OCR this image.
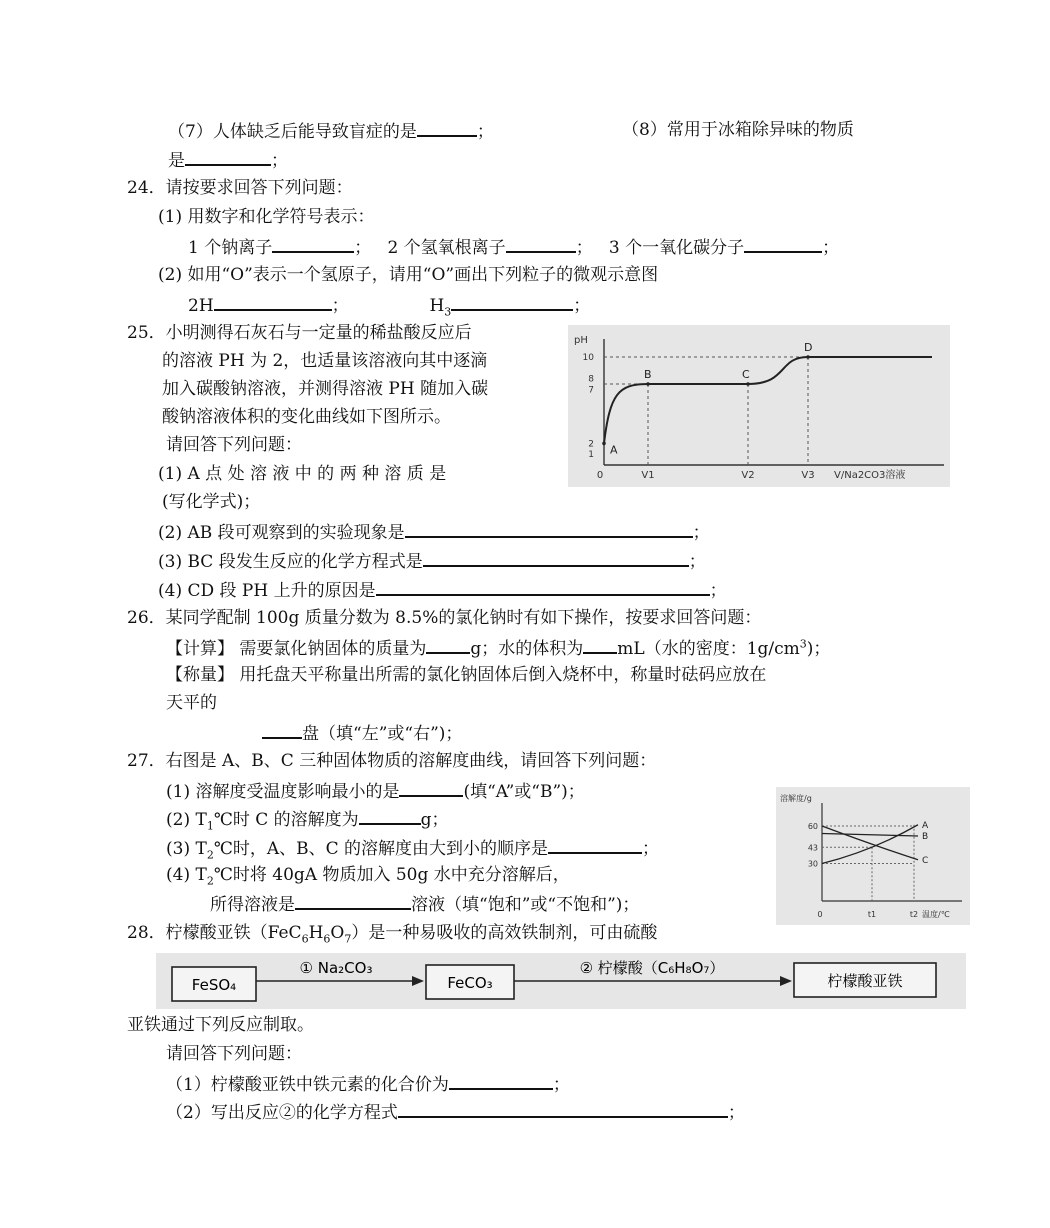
（7）人体缺乏后能导致盲症的是	；	（8）常用于冰箱除异味的物质
是	；
24．请按要求回答下列问题：
(1) 用数字和化学符号表示：
1 个钠离子	； 2 个氢氧根离子	； 3 个一氧化碳分子	；
(2) 如用“O”表示一个氢原子，请用“O”画出下列粒子的微观示意图
2H	；	$H_3$	；
25．小明测得石灰石与一定量的稀盐酸反应后
的溶液 PH 为 2，也适量该溶液向其中逐滴
加入碳酸钠溶液，并测得溶液 PH 随加入碳
酸钠溶液体积的变化曲线如下图所示。
请回答下列问题：
(1) A 点 处 溶 液 中 的 两 种 溶 质 是
(写化学式)；
(2) AB 段可观察到的实验现象是	；
(3) BC 段发生反应的化学方程式是	；
(4) CD 段 PH 上升的原因是	；
pH
V/Na2CO3溶液
1
2
7
8
10
0	V1	V2	V3
A
B	C
D
26．某同学配制 100g 质量分数为 8.5%的氯化钠时有如下操作，按要求回答问题：
【计算】 需要氯化钠固体的质量为	g；水的体积为 mL（水的密度：$1g/cm^3$)；
【称量】 用托盘天平称量出所需的氯化钠固体后倒入烧杯中，称量时砝码应放在
天平的
盘（填“左”或“右”)；
27．右图是 A、B、C 三种固体物质的溶解度曲线，请回答下列问题：
(1) 溶解度受温度影响最小的是	(填“A”或“B”)；
(2) $T_1℃$时 C 的溶解度为	g；
(3) $T_2℃$时，A、B、C 的溶解度由大到小的顺序是	；
(4) $T_2℃$时将 40gA 物质加入 50g 水中充分溶解后，
所得溶液是	溶液（填“饱和”或“不饱和”)；
溶解度/g
温度/℃
30
43
60
0	t1	t2
A
B
C
28．柠檬酸亚铁$(FeC_6H_6O_7)$是一种易吸收的高效铁制剂，可由硫酸
FeSO₄
① Na₂CO₃
FeCO₃
② 柠檬酸（C₆H₈O₇）
柠檬酸亚铁
亚铁通过下列反应制取。
请回答下列问题：
（1）柠檬酸亚铁中铁元素的化合价为	；
（2）写出反应②的化学方程式	；
